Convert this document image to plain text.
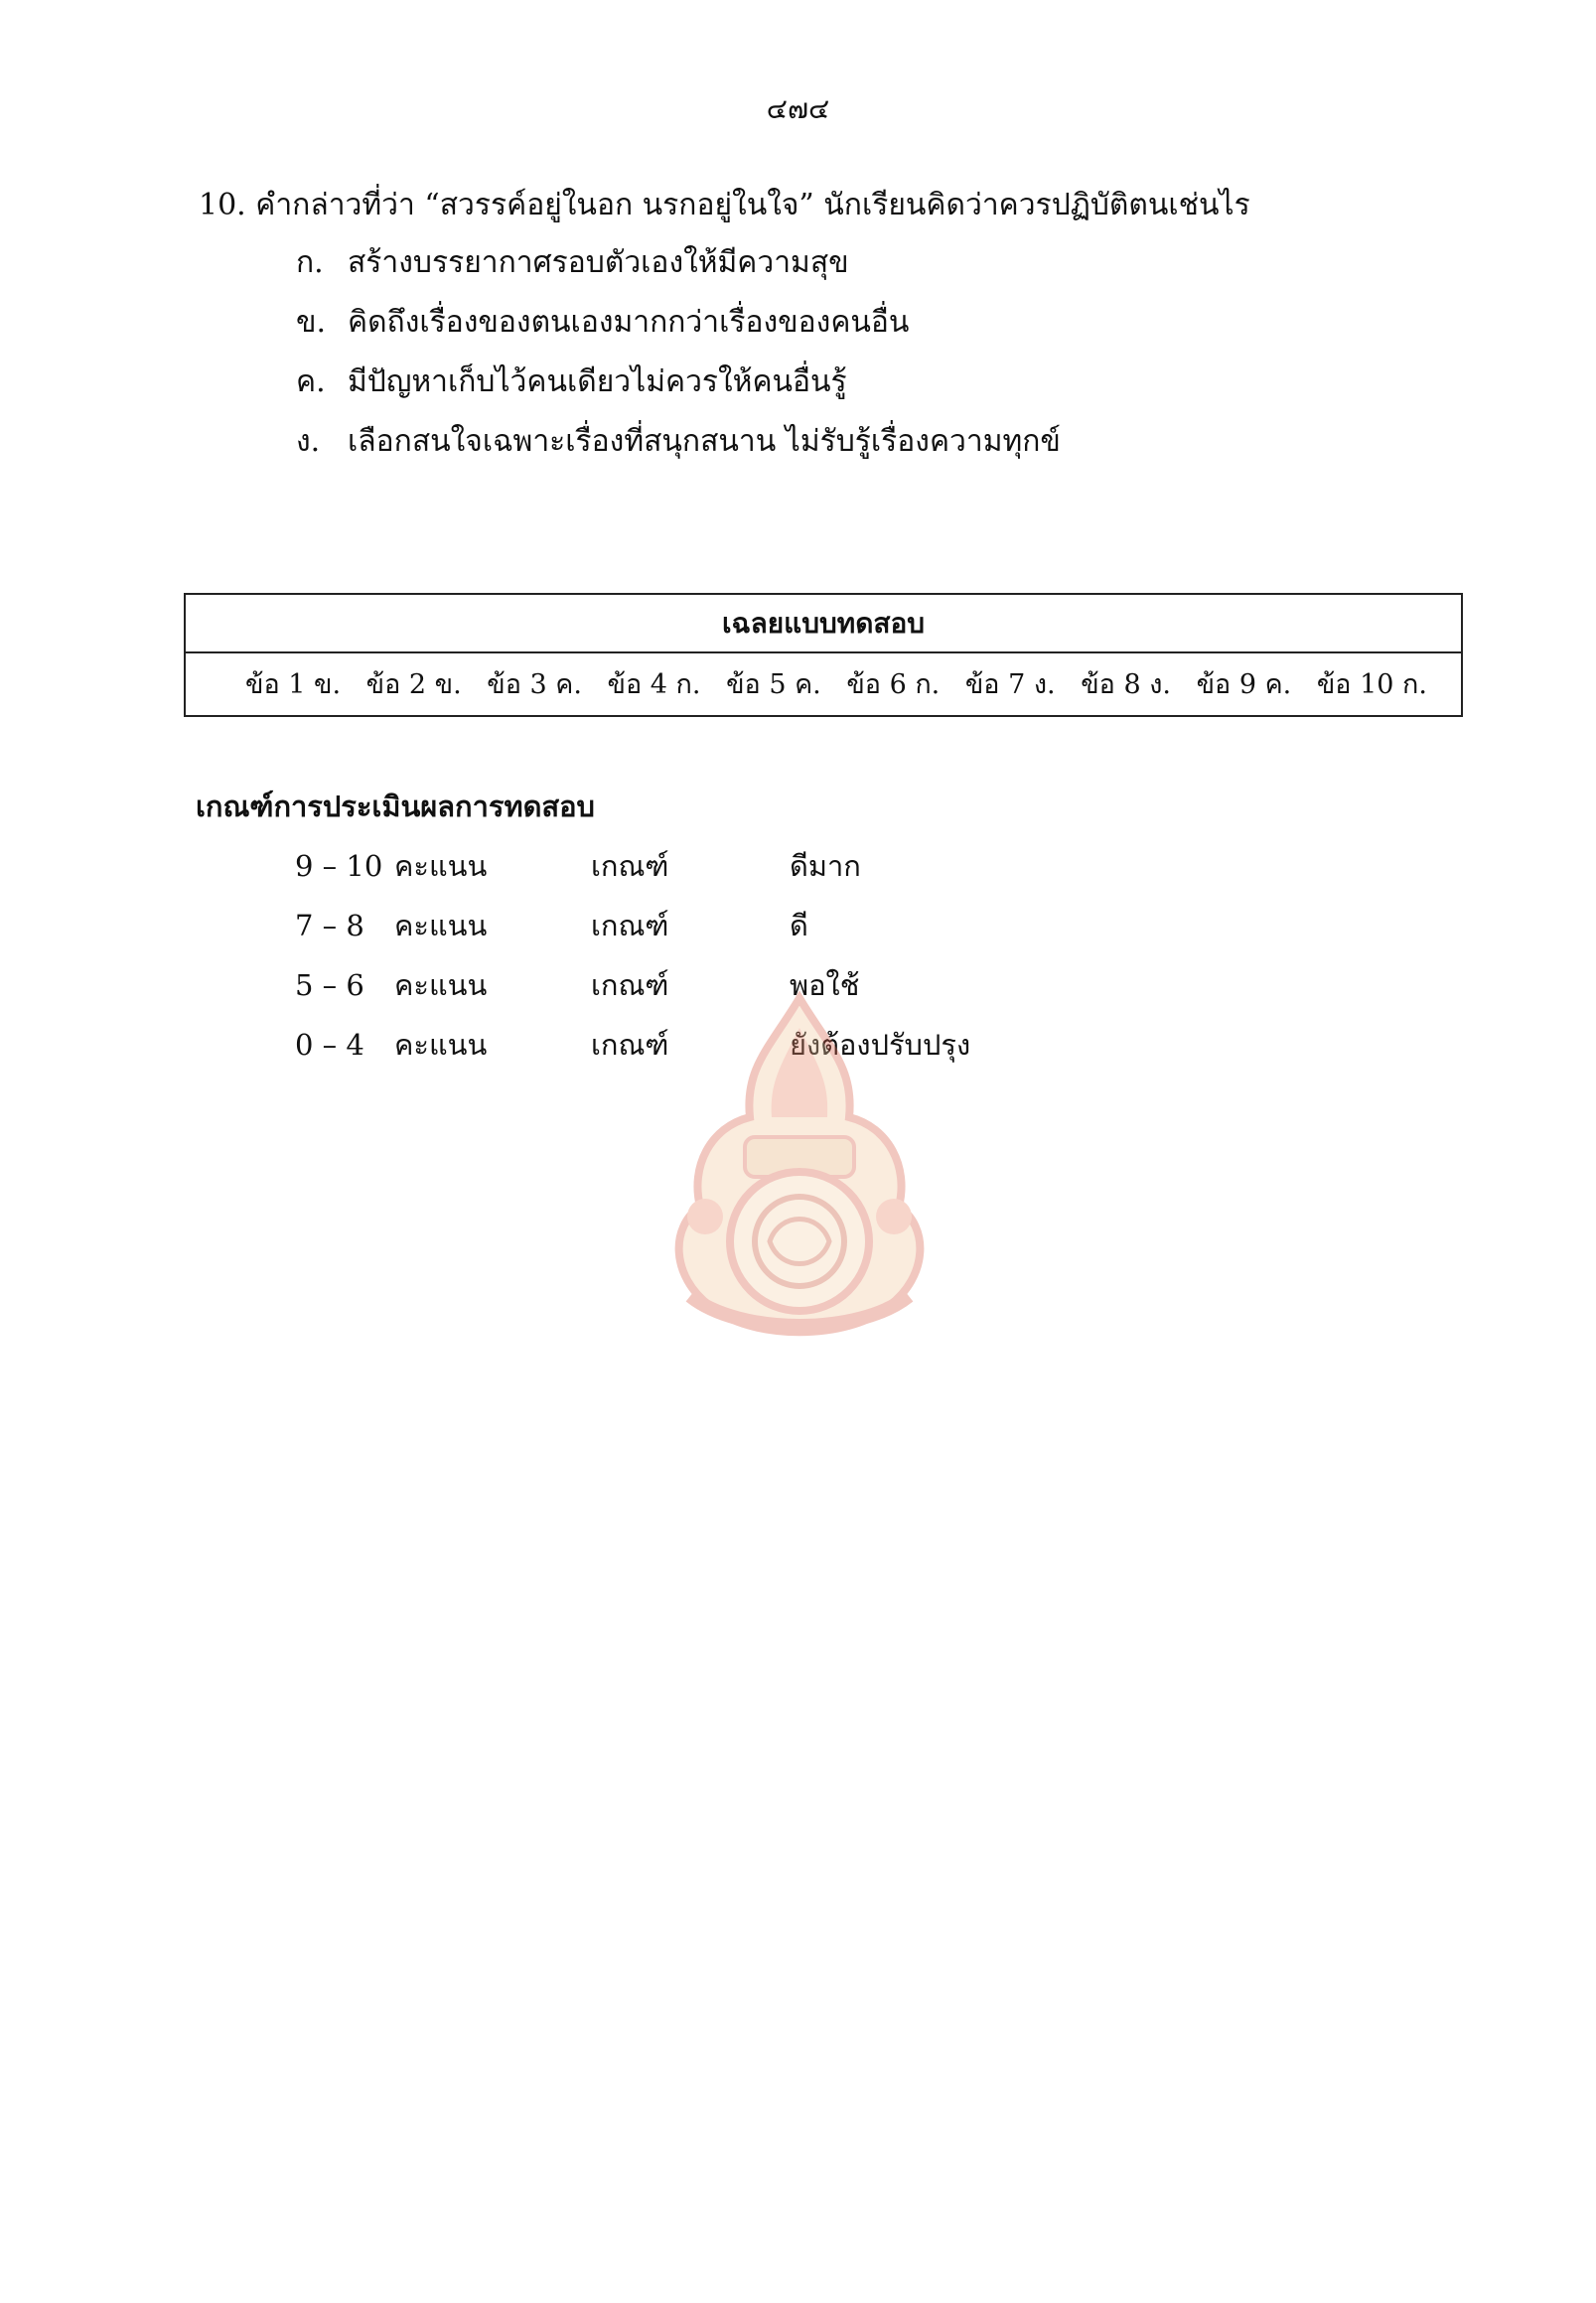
๔๗๔
10. คำกล่าวที่ว่า “สวรรค์อยู่ในอก นรกอยู่ในใจ” นักเรียนคิดว่าควรปฏิบัติตนเช่นไร
ก. สร้างบรรยากาศรอบตัวเองให้มีความสุข
ข. คิดถึงเรื่องของตนเองมากกว่าเรื่องของคนอื่น
ค. มีปัญหาเก็บไว้คนเดียวไม่ควรให้คนอื่นรู้
ง. เลือกสนใจเฉพาะเรื่องที่สนุกสนาน ไม่รับรู้เรื่องความทุกข์
เฉลยแบบทดสอบ
ข้อ 1 ข. ข้อ 2 ข. ข้อ 3 ค. ข้อ 4 ก. ข้อ 5 ค. ข้อ 6 ก. ข้อ 7 ง. ข้อ 8 ง. ข้อ 9 ค. ข้อ 10 ก.
เกณฑ์การประเมินผลการทดสอบ
9 – 10 คะแนน	เกณฑ์	ดีมาก
7 – 8 คะแนน	เกณฑ์	ดี
5 – 6 คะแนน	เกณฑ์	พอใช้
0 – 4 คะแนน	เกณฑ์	ยังต้องปรับปรุง
